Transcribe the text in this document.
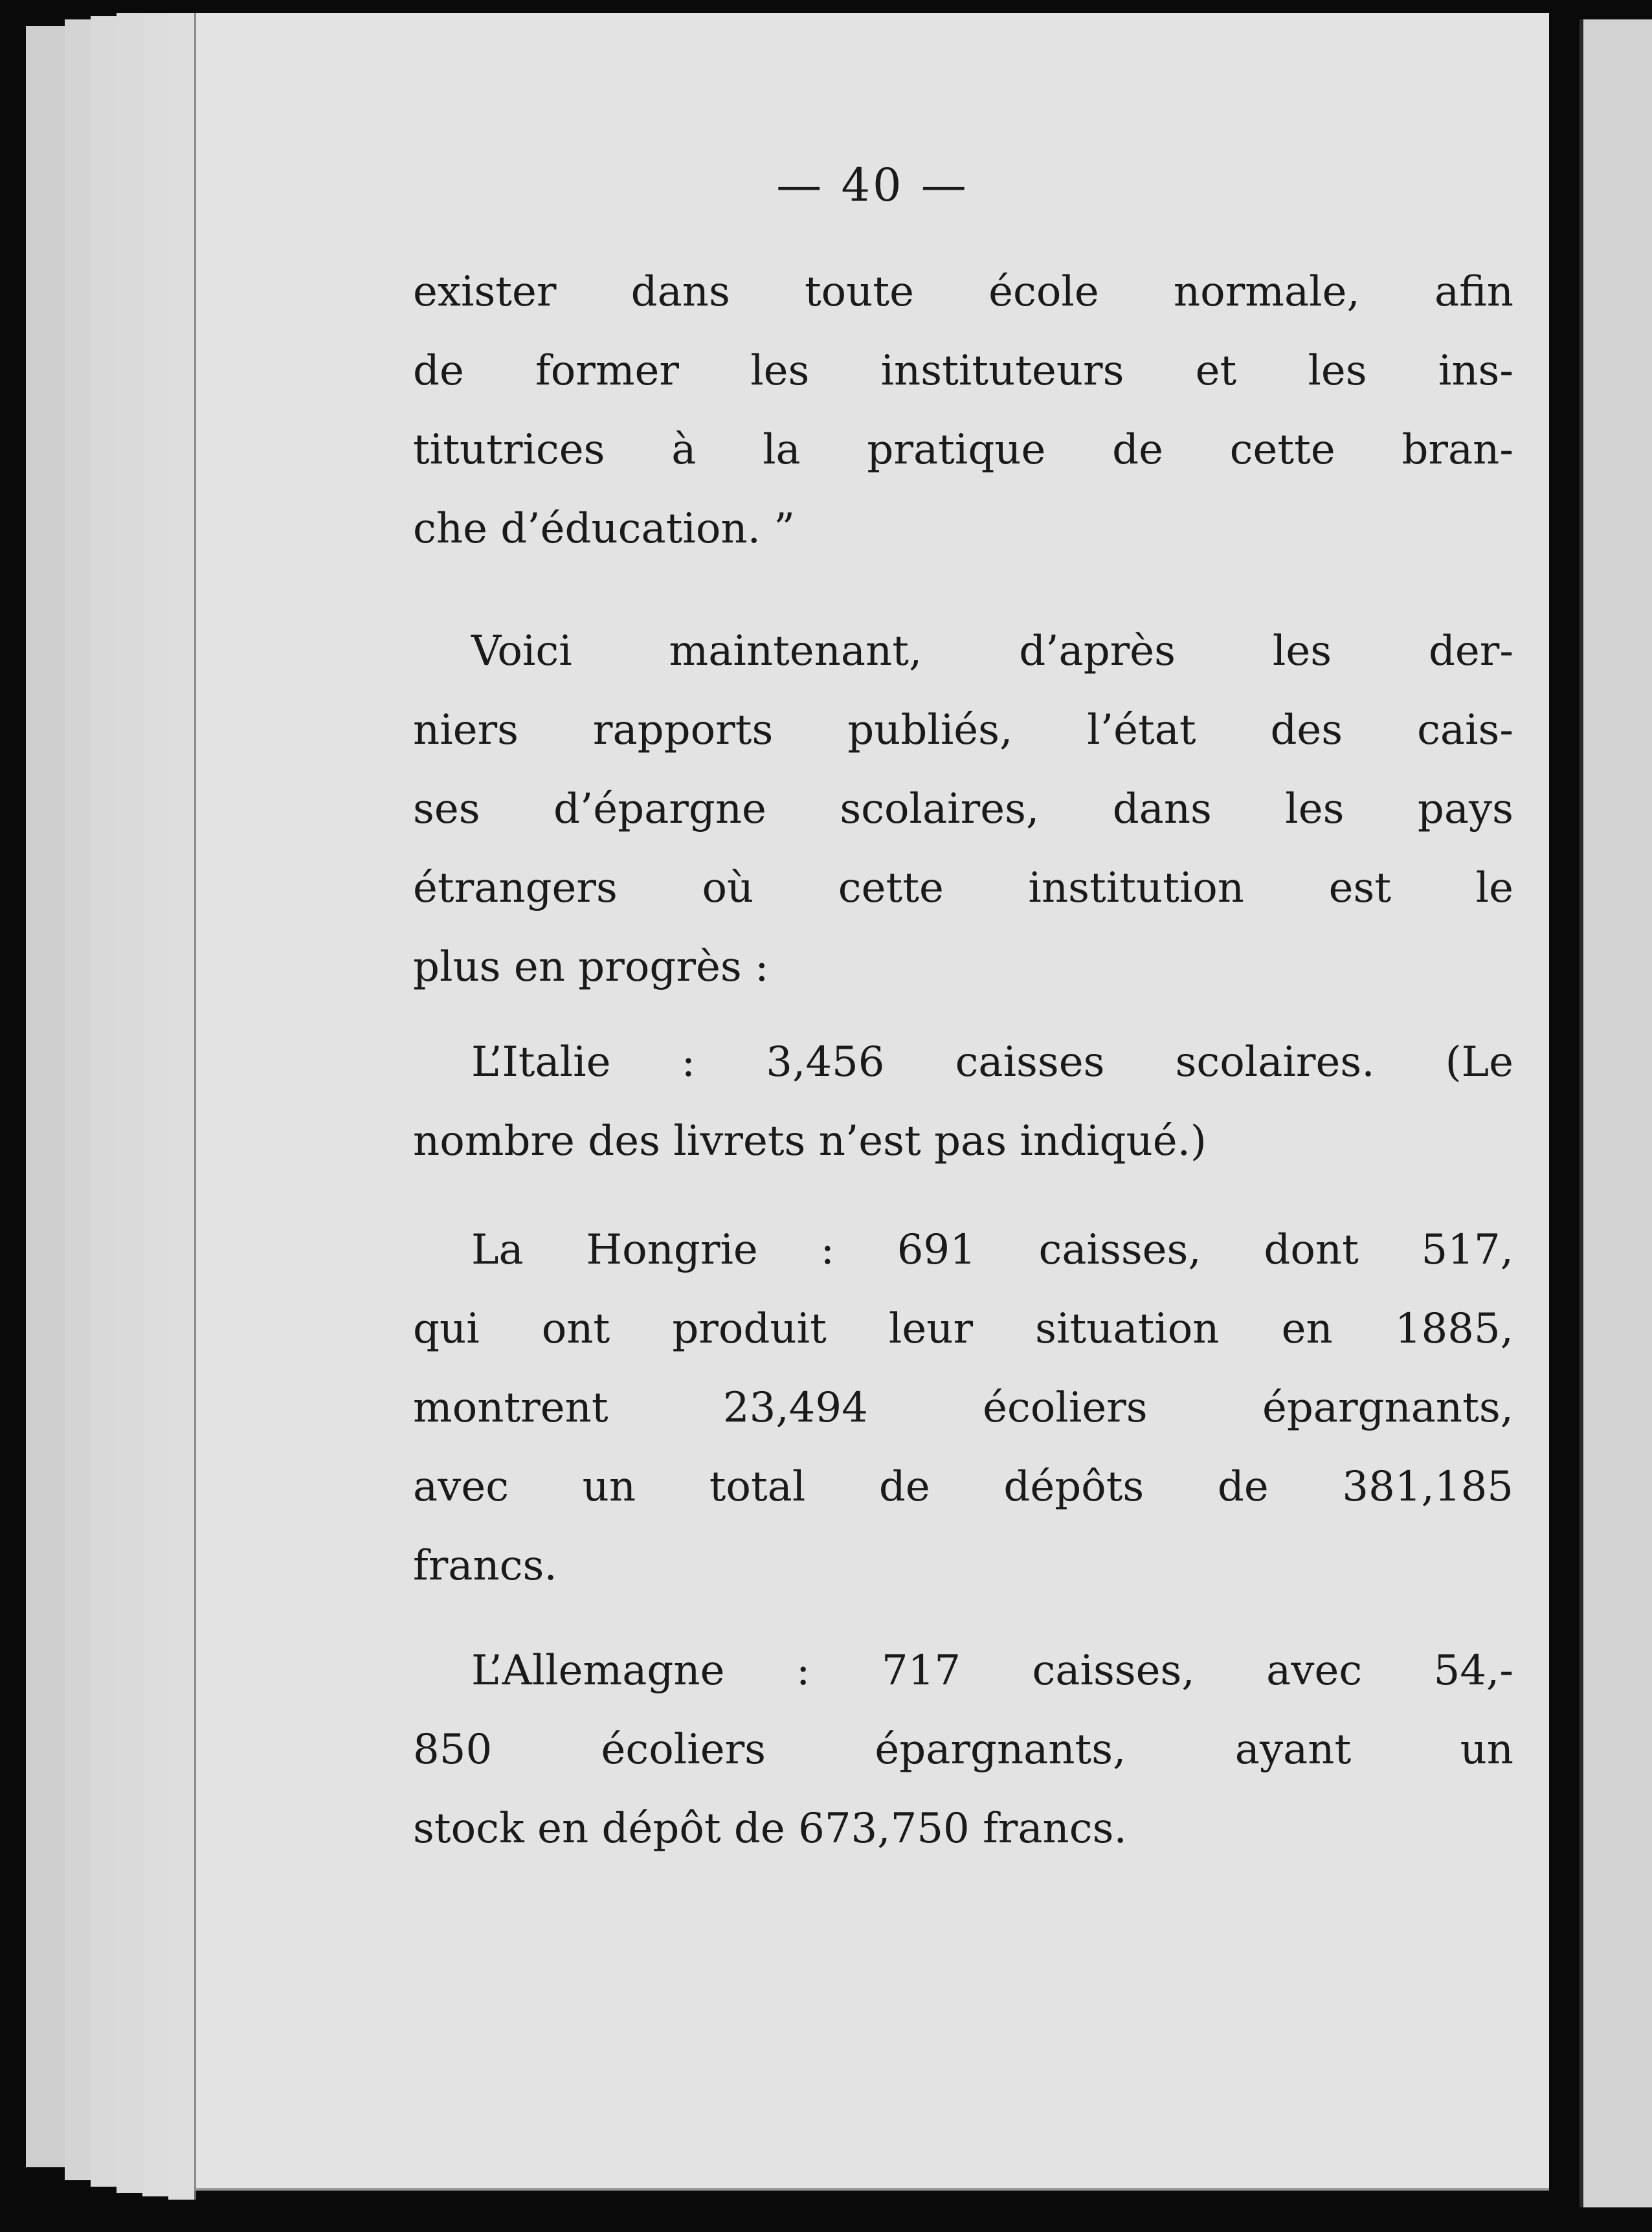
— 40 —
exister dans toute école normale, afin
de former les instituteurs et les ins-
titutrices à la pratique de cette bran-
che d’éducation. ”
Voici maintenant, d’après les der-
niers rapports publiés, l’état des cais-
ses d’épargne scolaires, dans les pays
étrangers où cette institution est le
plus en progrès :
L’Italie : 3,456 caisses scolaires. (Le
nombre des livrets n’est pas indiqué.)
La Hongrie : 691 caisses, dont 517,
qui ont produit leur situation en 1885,
montrent 23,494 écoliers épargnants,
avec un total de dépôts de 381,185
francs.
L’Allemagne : 717 caisses, avec 54,-
850 écoliers épargnants, ayant un
stock en dépôt de 673,750 francs.
